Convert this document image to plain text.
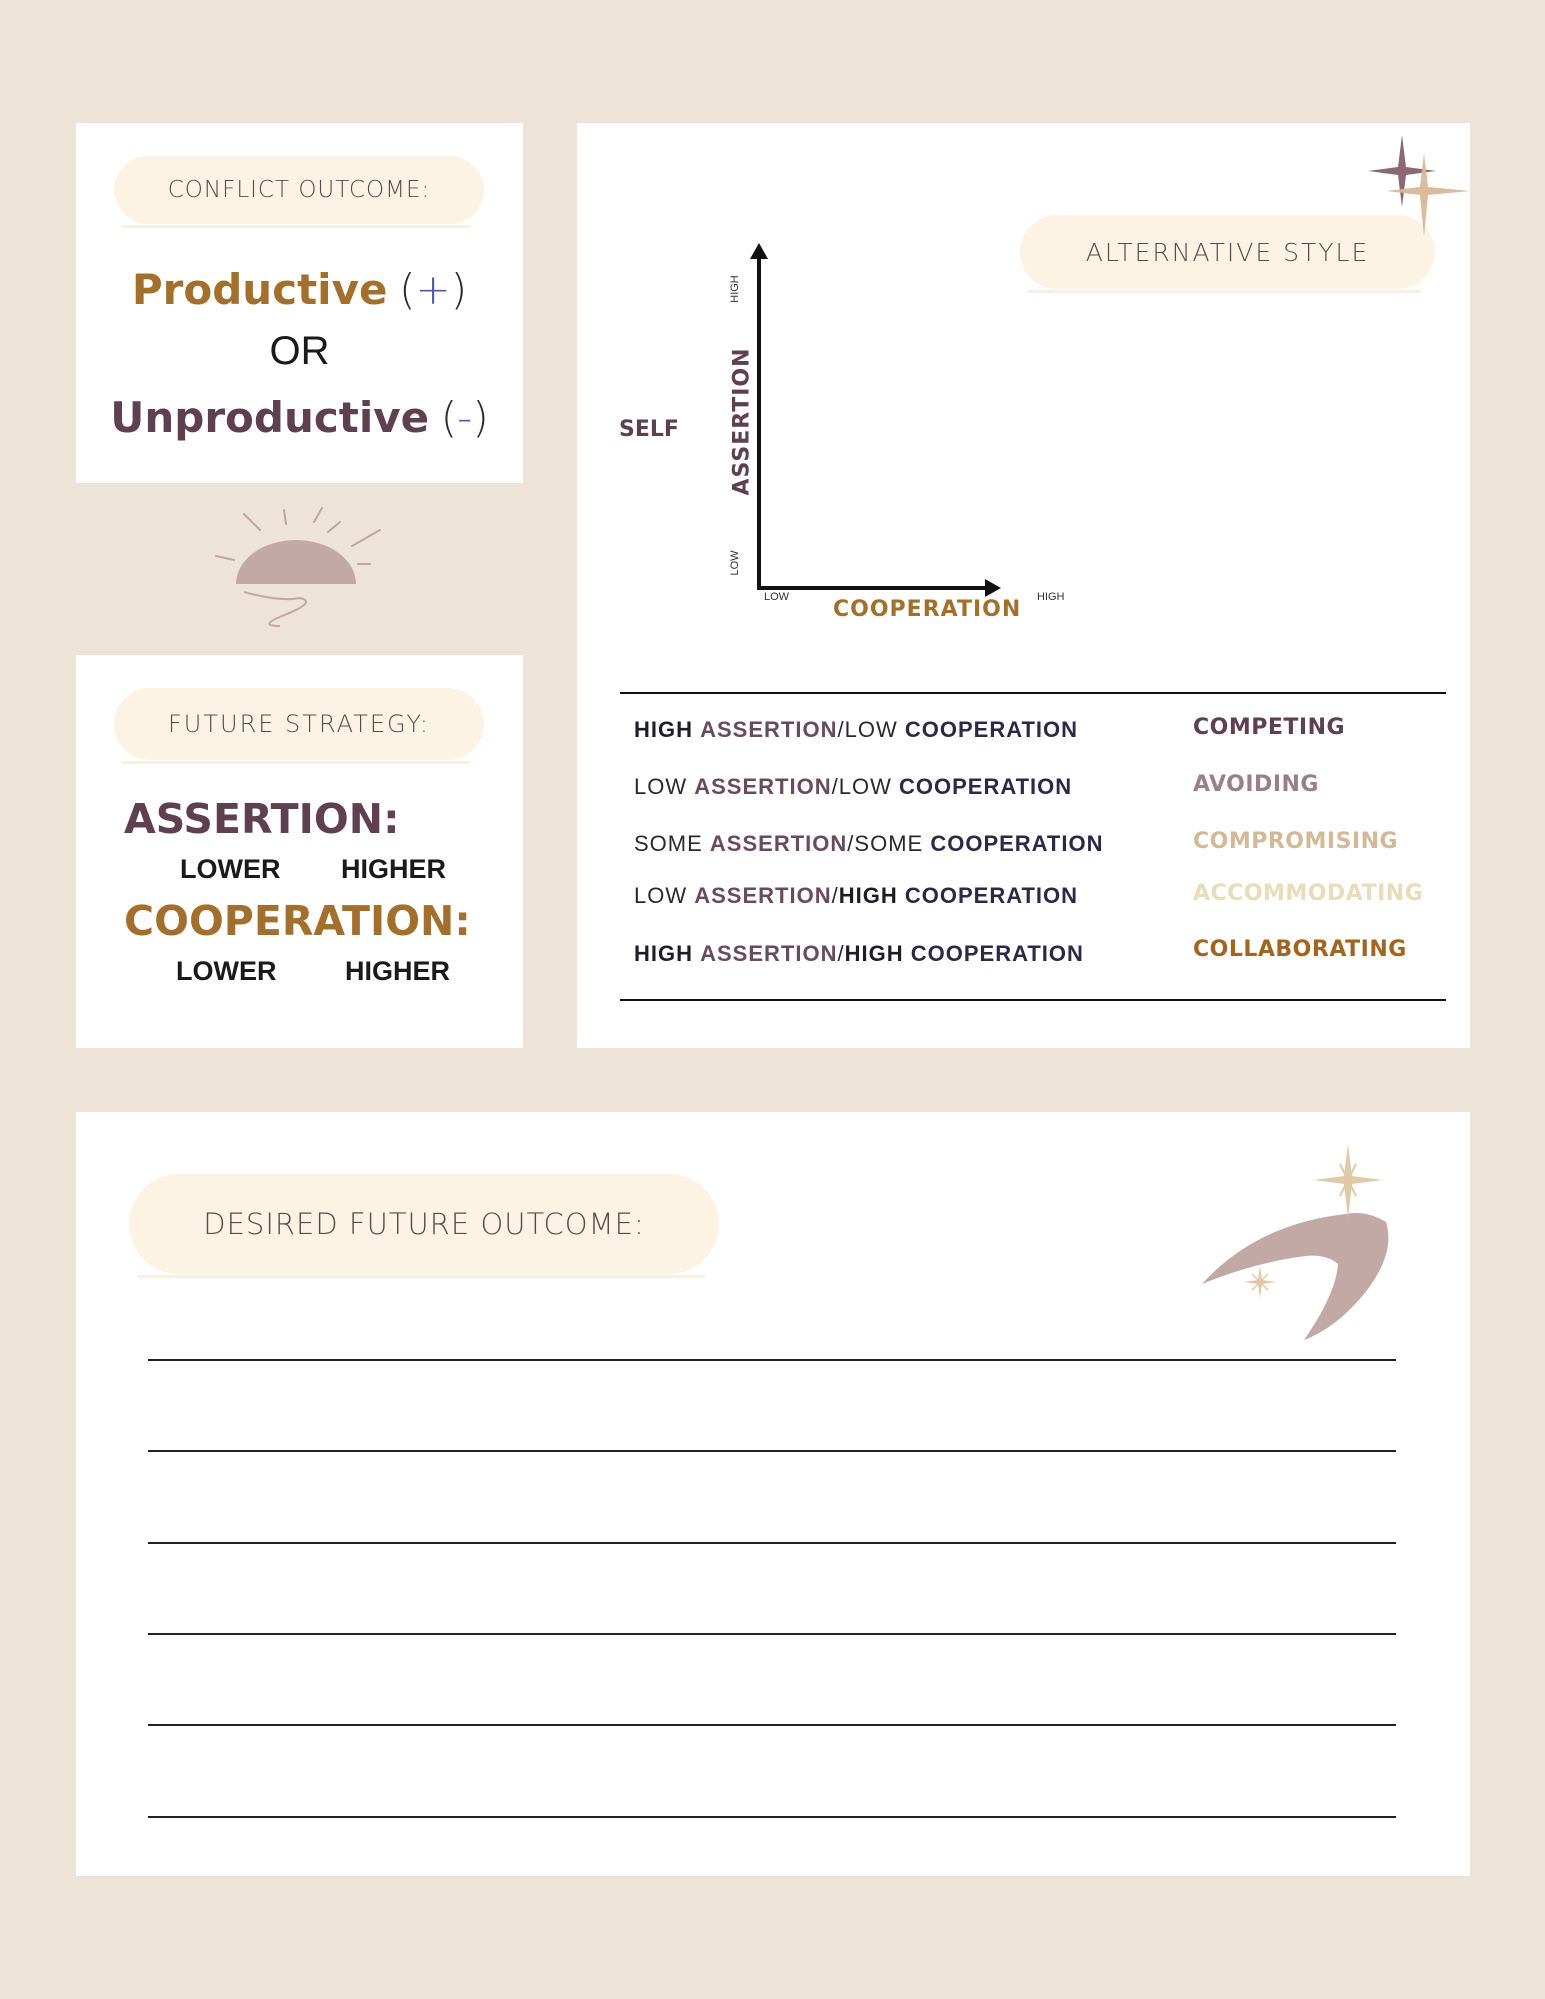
CONFLICT OUTCOME:
Productive (+)
OR
Unproductive (-)
FUTURE STRATEGY:
ASSERTION:
LOWER HIGHER
COOPERATION:
LOWER	HIGHER
ALTERNATIVE STYLE
SELF
HIGH
LOW
ASSERTION
LOW	HIGH
COOPERATION
HIGH ASSERTION/LOW COOPERATION	COMPETING
LOW ASSERTION/LOW COOPERATION	AVOIDING
SOME ASSERTION/SOME COOPERATION	COMPROMISING
LOW ASSERTION/HIGH COOPERATION	ACCOMMODATING
HIGH ASSERTION/HIGH COOPERATION	COLLABORATING
DESIRED FUTURE OUTCOME:
